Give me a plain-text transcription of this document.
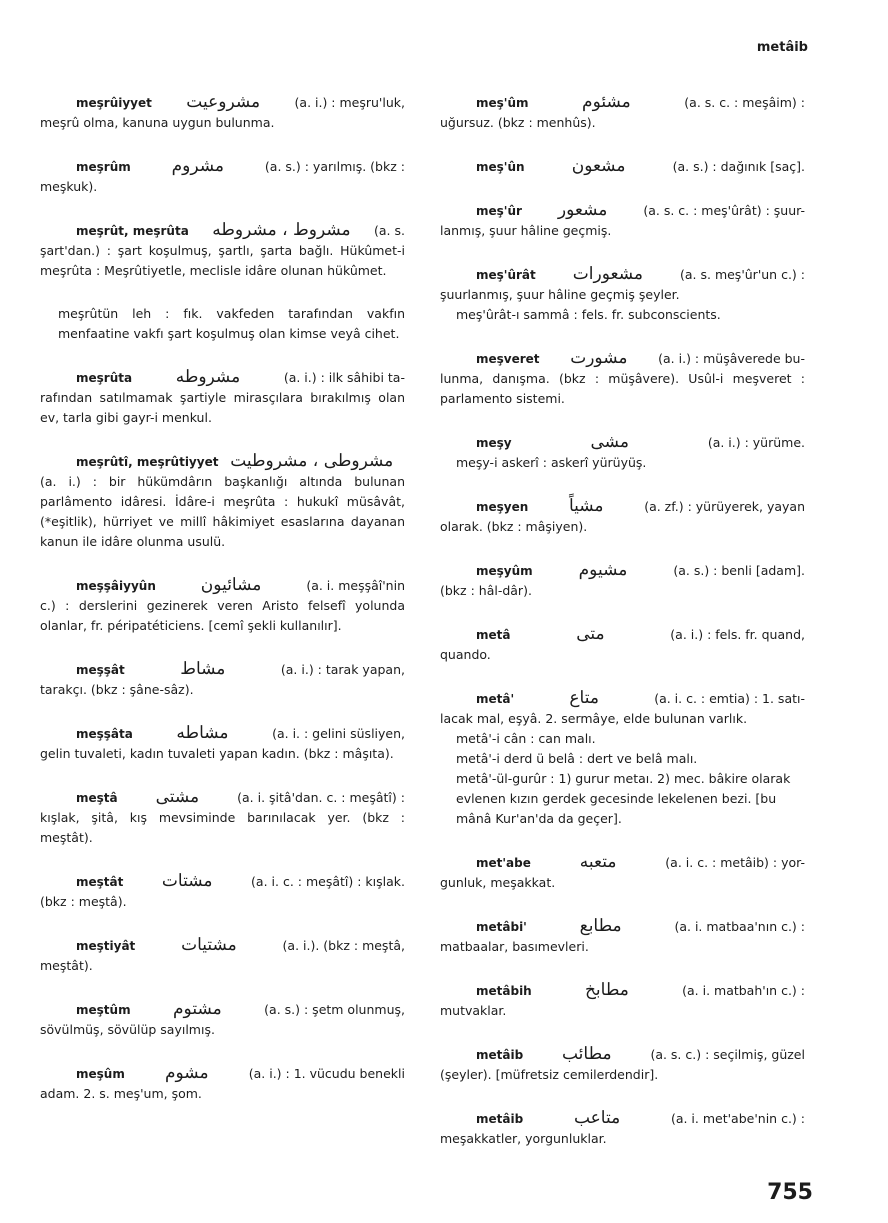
metâib
meşrûiyyet مشروعيت	(a. i.) : meşru'luk,
meşrû olma, kanuna uygun bulunma.
meşrûm مشروم	(a. s.) : yarılmış. (bkz :
meşkuk).
meşrût, meşrûta مشروط ، مشروطه (a. s.
şart'dan.) : şart koşulmuş, şartlı, şarta bağlı. Hükûmet-i meşrûta : Meşrûtiyetle, meclisle idâre olunan hükûmet.
meşrûtün leh : fık. vakfeden tarafından vakfın menfaatine vakfı şart koşulmuş olan kimse veyâ cihet.
meşrûta	مشروطه	(a. i.) : ilk sâhibi ta-
rafından satılmamak şartiyle mirasçılara bırakılmış olan ev, tarla gibi gayr-i menkul.
meşrûtî, meşrûtiyyet مشروطی ، مشروطيت
(a. i.) : bir hükümdârın başkanlığı altında bulunan parlâmento idâresi. İdâre-i meşrûta : hukukî müsâvât, (*eşitlik), hürriyet ve millî hâkimiyet esaslarına dayanan kanun ile idâre olunma usulü.
meşşâiyyûn	مشائيون	(a. i. meşşâî'nin
c.) : derslerini gezinerek veren Aristo felsefî yolunda olanlar, fr. péripatéticiens. [cemî şekli kullanılır].
meşşât	مشاط	(a. i.) : tarak yapan,
tarakçı. (bkz : şâne-sâz).
meşşâta	مشاطه	(a. i. : gelini süsliyen,
gelin tuvaleti, kadın tuvaleti yapan kadın. (bkz : mâşıta).
meştâ مشتی	(a. i. şitâ'dan. c. : meşâtî) :
kışlak, şitâ, kış mevsiminde barınılacak yer. (bkz : meştât).
meştât مشتات	(a. i. c. : meşâtî) : kışlak.
(bkz : meştâ).
meştiyât	مشتيات	(a. i.). (bkz : meştâ,
meştât).
meştûm مشتوم	(a. s.) : şetm olunmuş,
sövülmüş, sövülüp sayılmış.
meşûm مشوم	(a. i.) : 1. vücudu benekli
adam. 2. s. meş'um, şom.
meş'ûm	مشئوم	(a. s. c. : meşâim) :
uğursuz. (bkz : menhûs).
meş'ûn	مشعون	(a. s.) : dağınık [saç].
meş'ûr مشعور	(a. s. c. : meş'ûrât) : şuur-
lanmış, şuur hâline geçmiş.
meş'ûrât مشعورات	(a. s. meş'ûr'un c.) :
şuurlanmış, şuur hâline geçmiş şeyler.
meş'ûrât-ı sammâ : fels. fr. subconscients.
meşveret مشورت (a. i.) : müşâverede bu-
lunma, danışma. (bkz : müşâvere). Usûl-i meşveret : parlamento sistemi.
meşy	مشی	(a. i.) : yürüme.
meşy-i askerî : askerî yürüyüş.
meşyen مشياً	(a. zf.) : yürüyerek, yayan
olarak. (bkz : mâşiyen).
meşyûm	مشيوم	(a. s.) : benli [adam].
(bkz : hâl-dâr).
metâ	متی	(a. i.) : fels. fr. quand,
quando.
metâ'	متاع	(a. i. c. : emtia) : 1. satı-
lacak mal, eşyâ. 2. sermâye, elde bulunan varlık.
metâ'-i cân : can malı.
metâ'-i derd ü belâ : dert ve belâ malı.
metâ'-ül-gurûr : 1) gurur metaı. 2) mec. bâkire olarak evlenen kızın gerdek gecesinde lekelenen bezi. [bu mânâ Kur'an'da da geçer].
met'abe	متعبه	(a. i. c. : metâib) : yor-
gunluk, meşakkat.
metâbi'	مطابع	(a. i. matbaa'nın c.) :
matbaalar, basımevleri.
metâbih	مطابخ	(a. i. matbah'ın c.) :
mutvaklar.
metâib مطائب	(a. s. c.) : seçilmiş, güzel
(şeyler). [müfretsiz cemilerdendir].
metâib	متاعب	(a. i. met'abe'nin c.) :
meşakkatler, yorgunluklar.
755
